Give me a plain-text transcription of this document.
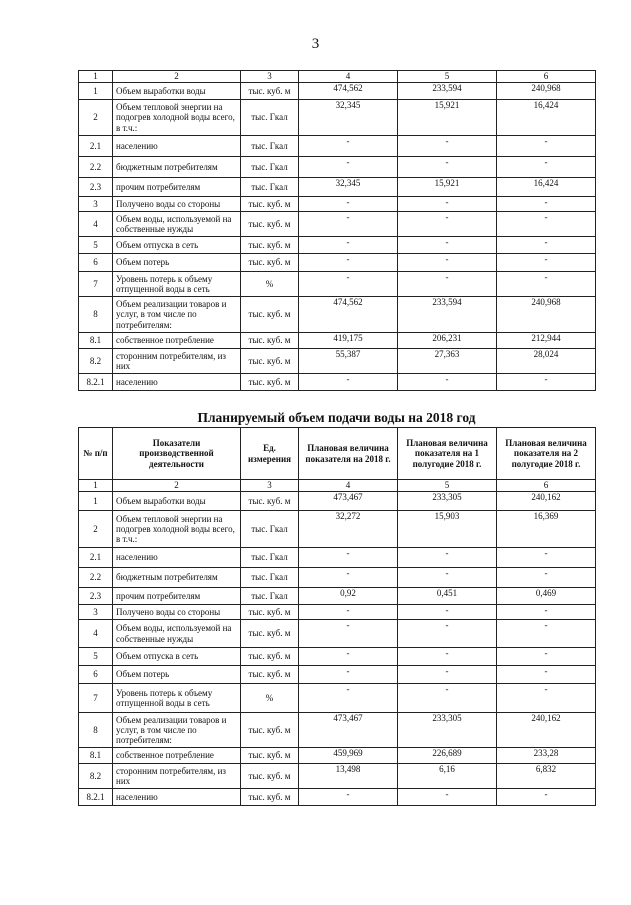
3
1	2	3	4	5	6
1	Объем выработки воды	тыс. куб. м	474,562	233,594	240,968
2	Объем тепловой энергии на подогрев холодной воды всего, в т.ч.:	тыс. Гкал	32,345	15,921	16,424
2.1	населению	тыс. Гкал	-	-	-
2.2	бюджетным потребителям	тыс. Гкал	-	-	-
2.3	прочим потребителям	тыс. Гкал	32,345	15,921	16,424
3	Получено воды со стороны	тыс. куб. м	-	-	-
4	Объем воды, используемой на собственные нужды	тыс. куб. м	-	-	-
5	Объем отпуска в сеть	тыс. куб. м	-	-	-
6	Объем потерь	тыс. куб. м	-	-	-
7	Уровень потерь к объему отпущенной воды в сеть	%	-	-	-
8	Объем реализации товаров и услуг, в том числе по потребителям:	тыс. куб. м	474,562	233,594	240,968
8.1	собственное потребление	тыс. куб. м	419,175	206,231	212,944
8.2	сторонним потребителям, из них	тыс. куб. м	55,387	27,363	28,024
8.2.1	населению	тыс. куб. м	-	-	-
Планируемый объем подачи воды на 2018 год
№ п/п	Показатели производственной деятельности	Ед. измерения	Плановая величина показателя на 2018 г.	Плановая величина показателя на 1 полугодие 2018 г.	Плановая величина показателя на 2 полугодие 2018 г.
1	2	3	4	5	6
1	Объем выработки воды	тыс. куб. м	473,467	233,305	240,162
2	Объем тепловой энергии на подогрев холодной воды всего, в т.ч.:	тыс. Гкал	32,272	15,903	16,369
2.1	населению	тыс. Гкал	-	-	-
2.2	бюджетным потребителям	тыс. Гкал	-	-	-
2.3	прочим потребителям	тыс. Гкал	0,92	0,451	0,469
3	Получено воды со стороны	тыс. куб. м	-	-	-
4	Объем воды, используемой на собственные нужды	тыс. куб. м	-	-	-
5	Объем отпуска в сеть	тыс. куб. м	-	-	-
6	Объем потерь	тыс. куб. м	-	-	-
7	Уровень потерь к объему отпущенной воды в сеть	%	-	-	-
8	Объем реализации товаров и услуг, в том числе по потребителям:	тыс. куб. м	473,467	233,305	240,162
8.1	собственное потребление	тыс. куб. м	459,969	226,689	233,28
8.2	сторонним потребителям, из них	тыс. куб. м	13,498	6,16	6,832
8.2.1	населению	тыс. куб. м	-	-	-
